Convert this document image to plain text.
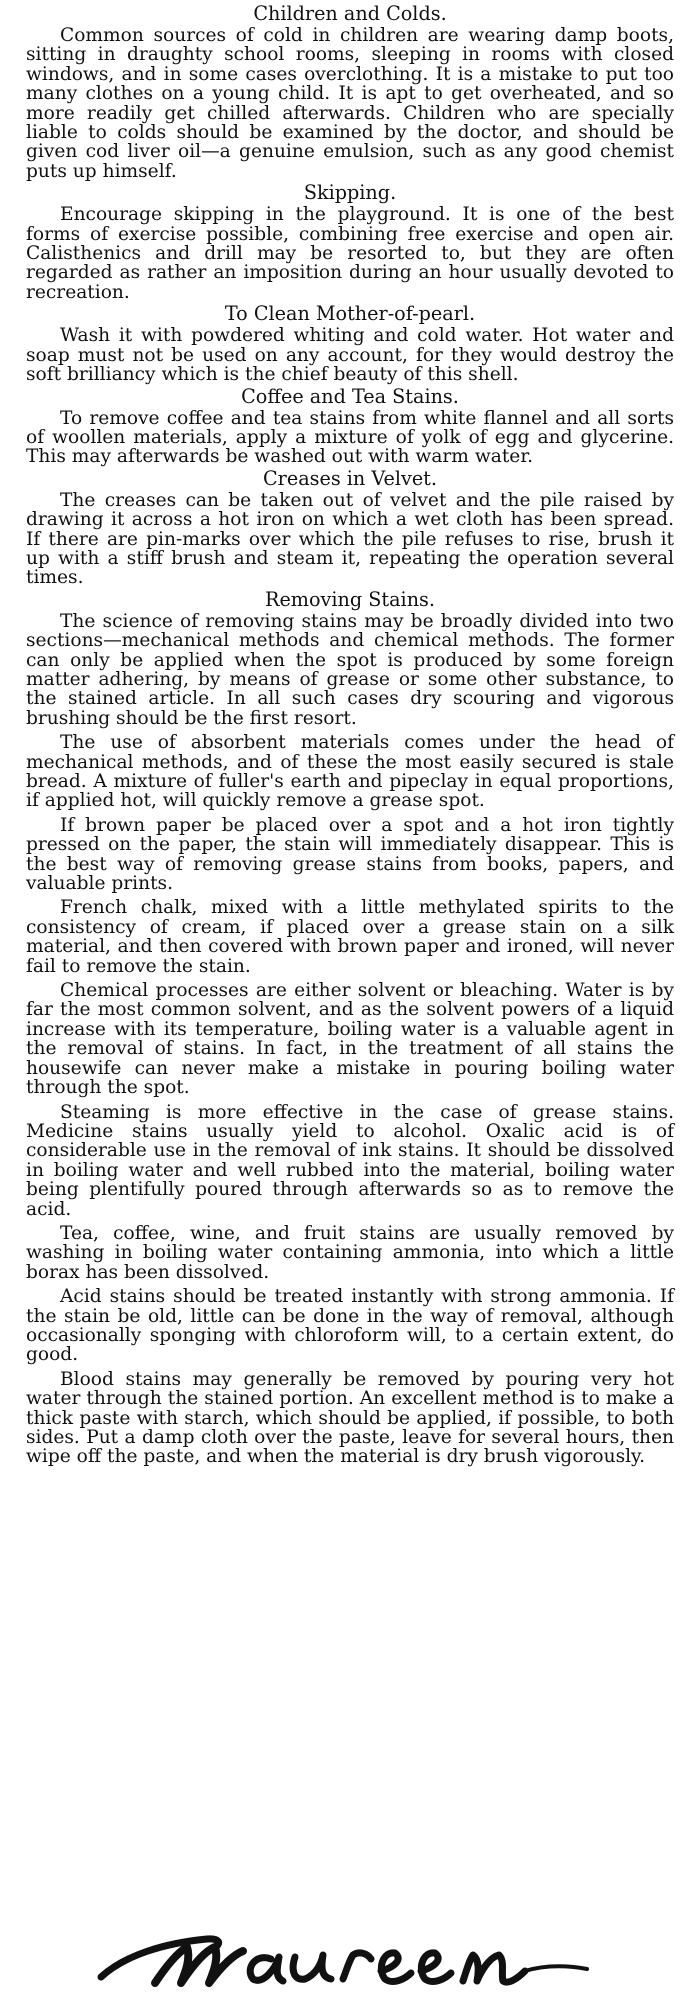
Children and Colds.

Common sources of cold in children are wearing damp boots, sitting in draughty school rooms, sleeping in rooms with closed windows, and in some cases overclothing. It is a mistake to put too many clothes on a young child. It is apt to get overheated, and so more readily get chilled afterwards. Children who are specially liable to colds should be examined by the doctor, and should be given cod liver oil—a genuine emulsion, such as any good chemist puts up himself.

Skipping.

Encourage skipping in the playground. It is one of the best forms of exercise possible, combining free exercise and open air. Calisthenics and drill may be resorted to, but they are often regarded as rather an imposition during an hour usually devoted to recreation.

To Clean Mother-of-pearl.

Wash it with powdered whiting and cold water. Hot water and soap must not be used on any account, for they would destroy the soft brilliancy which is the chief beauty of this shell.

Coffee and Tea Stains.

To remove coffee and tea stains from white flannel and all sorts of woollen materials, apply a mixture of yolk of egg and glycerine. This may afterwards be washed out with warm water.

Creases in Velvet.

The creases can be taken out of velvet and the pile raised by drawing it across a hot iron on which a wet cloth has been spread. If there are pin-marks over which the pile refuses to rise, brush it up with a stiff brush and steam it, repeating the operation several times.

Removing Stains.

The science of removing stains may be broadly divided into two sections—mechanical methods and chemical methods. The former can only be applied when the spot is produced by some foreign matter adhering, by means of grease or some other substance, to the stained article. In all such cases dry scouring and vigorous brushing should be the first resort.

The use of absorbent materials comes under the head of mechanical methods, and of these the most easily secured is stale bread. A mixture of fuller's earth and pipeclay in equal proportions, if applied hot, will quickly remove a grease spot.

If brown paper be placed over a spot and a hot iron tightly pressed on the paper, the stain will immediately disappear. This is the best way of removing grease stains from books, papers, and valuable prints.

French chalk, mixed with a little methylated spirits to the consistency of cream, if placed over a grease stain on a silk material, and then covered with brown paper and ironed, will never fail to remove the stain.

Chemical processes are either solvent or bleaching. Water is by far the most common solvent, and as the solvent powers of a liquid increase with its temperature, boiling water is a valuable agent in the removal of stains. In fact, in the treatment of all stains the housewife can never make a mistake in pouring boiling water through the spot.

Steaming is more effective in the case of grease stains. Medicine stains usually yield to alcohol. Oxalic acid is of considerable use in the removal of ink stains. It should be dissolved in boiling water and well rubbed into the material, boiling water being plentifully poured through afterwards so as to remove the acid.

Tea, coffee, wine, and fruit stains are usually removed by washing in boiling water containing ammonia, into which a little borax has been dissolved.

Acid stains should be treated instantly with strong ammonia. If the stain be old, little can be done in the way of removal, although occasionally sponging with chloroform will, to a certain extent, do good.

Blood stains may generally be removed by pouring very hot water through the stained portion. An excellent method is to make a thick paste with starch, which should be applied, if possible, to both sides. Put a damp cloth over the paste, leave for several hours, then wipe off the paste, and when the material is dry brush vigorously.
